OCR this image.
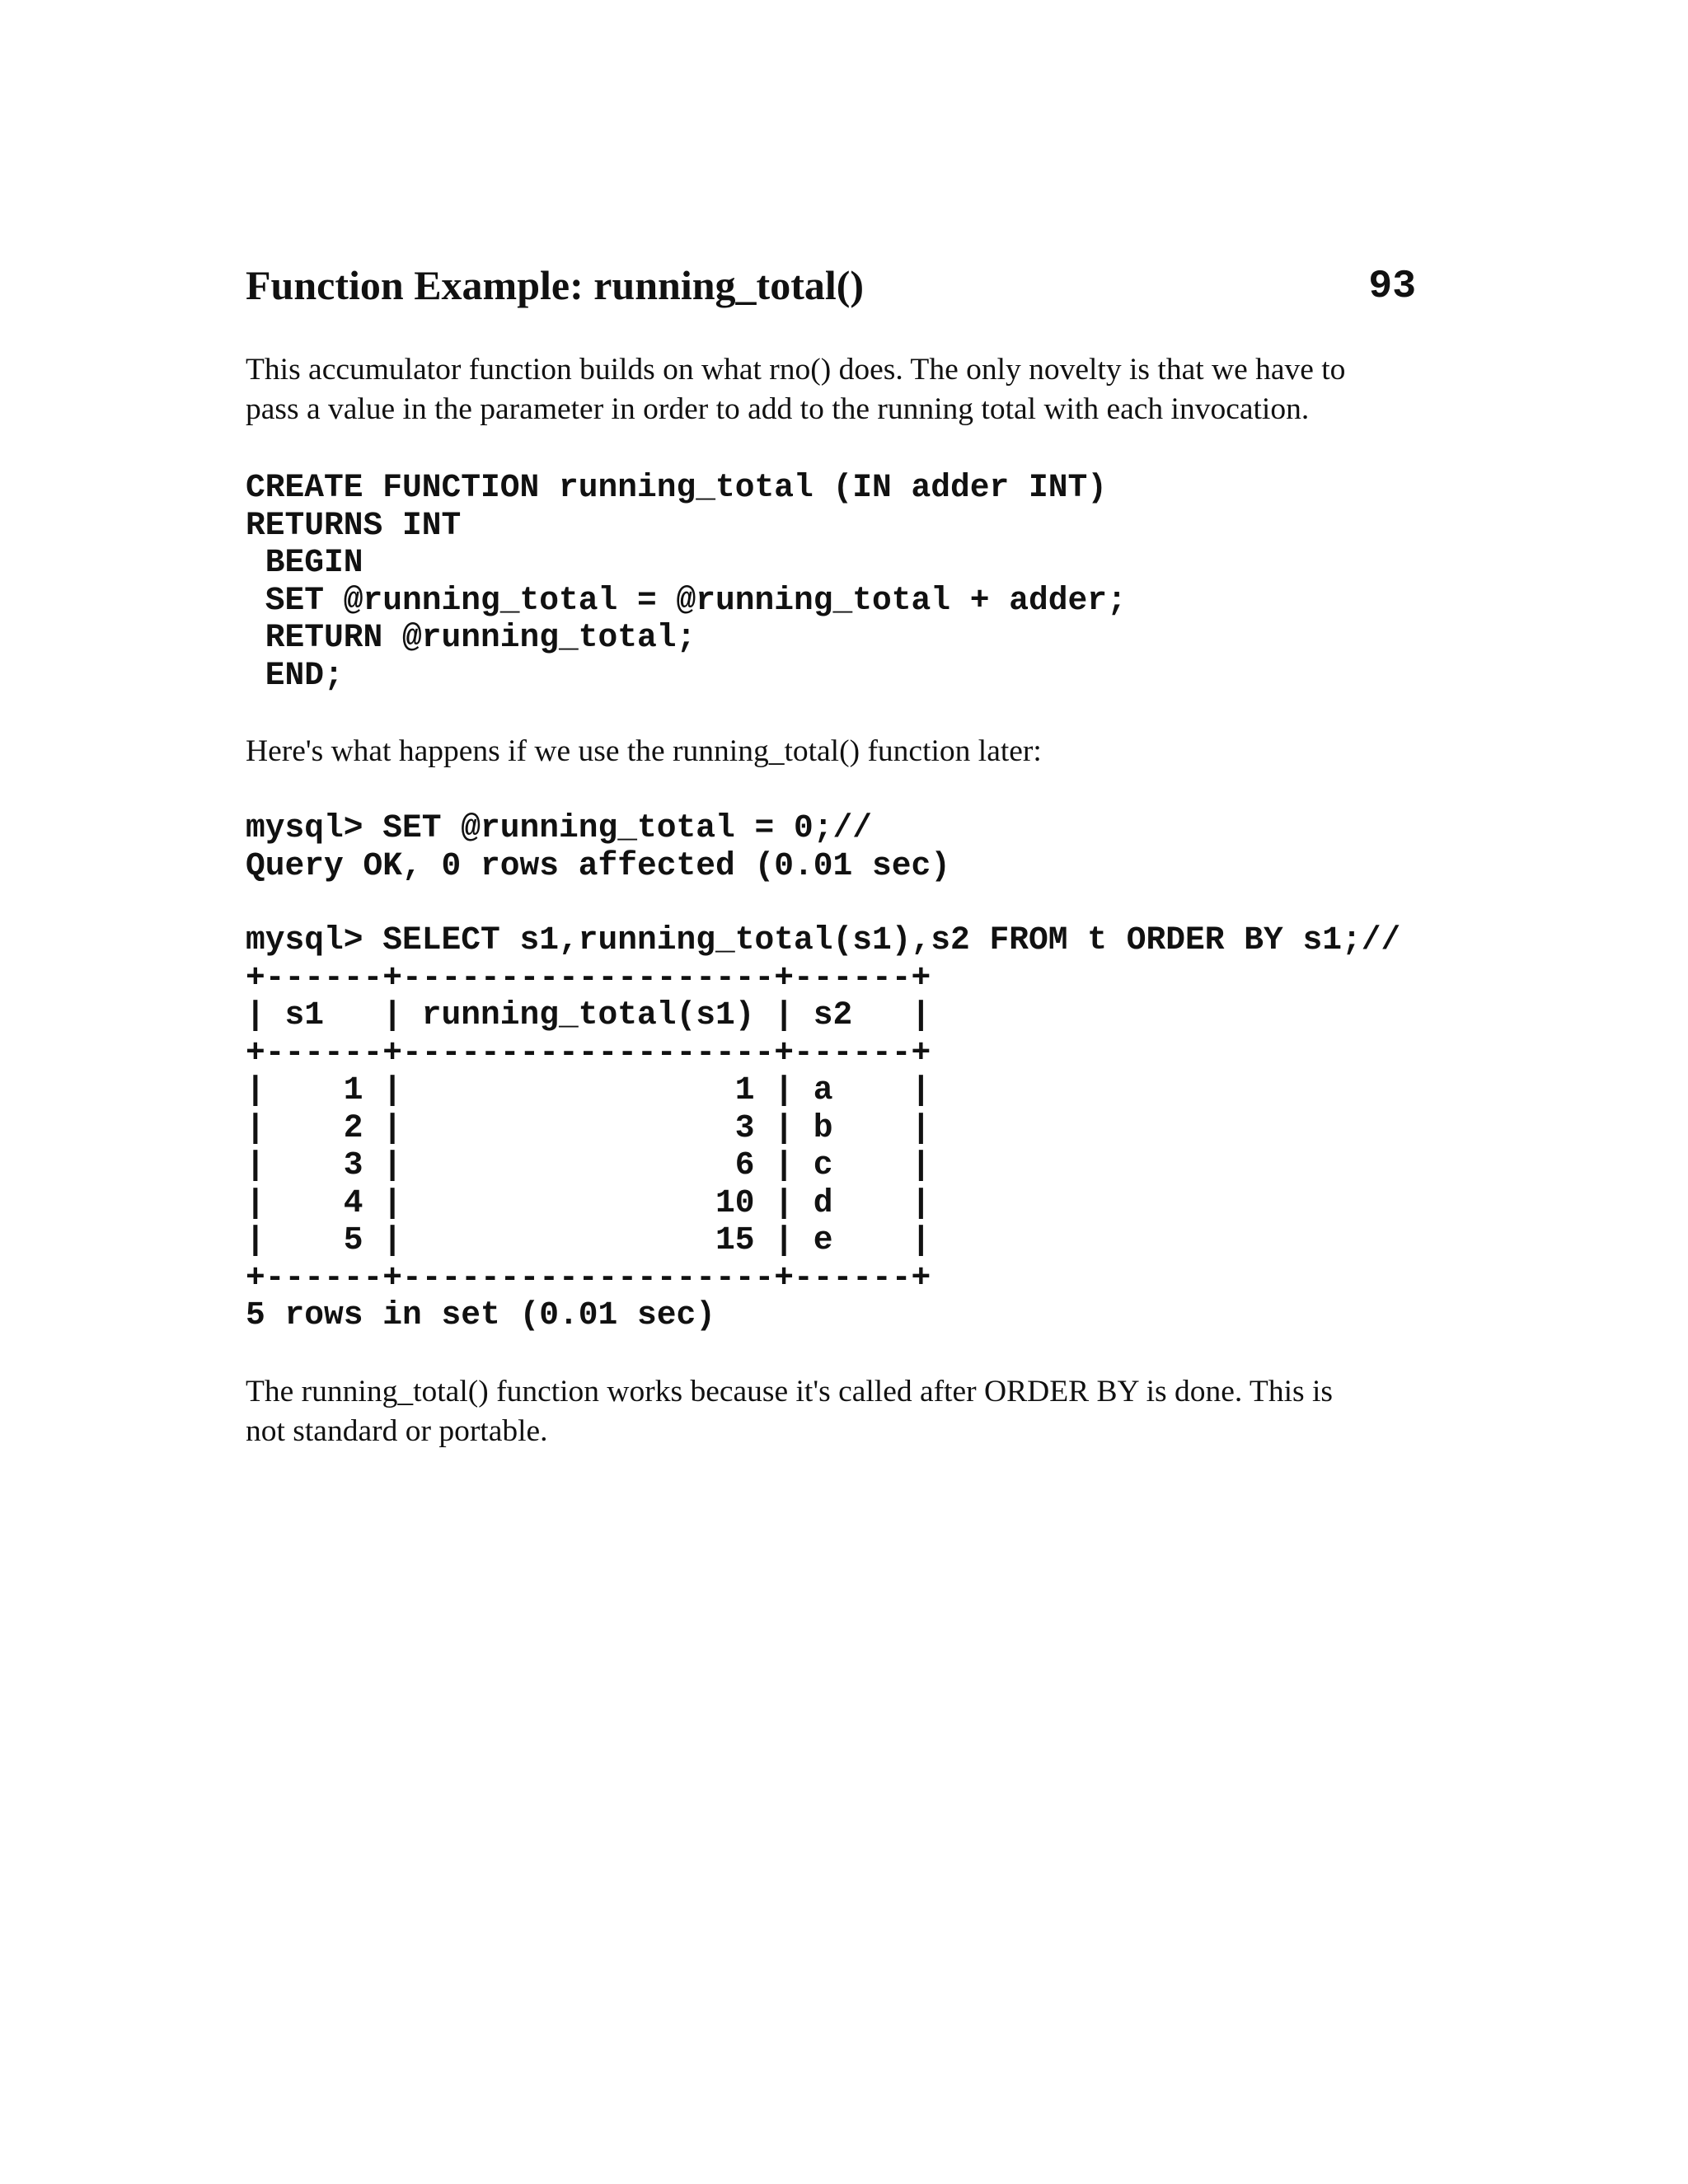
Function Example: running_total()	93

This accumulator function builds on what rno() does. The only novelty is that we have to

pass a value in the parameter in order to add to the running total with each invocation.

CREATE FUNCTION running_total (IN adder INT)
RETURNS INT
BEGIN
SET @running_total = @running_total + adder;
RETURN @running_total;
END;

Here's what happens if we use the running_total() function later:

mysql> SET @running_total = 0;//
Query OK, 0 rows affected (0.01 sec)
mysql> SELECT s1,running_total(s1),s2 FROM t ORDER BY s1;//
+------+-------------------+------+
| s1   | running_total(s1) | s2   |
+------+-------------------+------+
|    1 |                 1 | a    |
|    2 |                 3 | b    |
|    3 |                 6 | c    |
|    4 |                10 | d    |
|    5 |                15 | e    |
+------+-------------------+------+
5 rows in set (0.01 sec)

The running_total() function works because it's called after ORDER BY is done. This is

not standard or portable.
